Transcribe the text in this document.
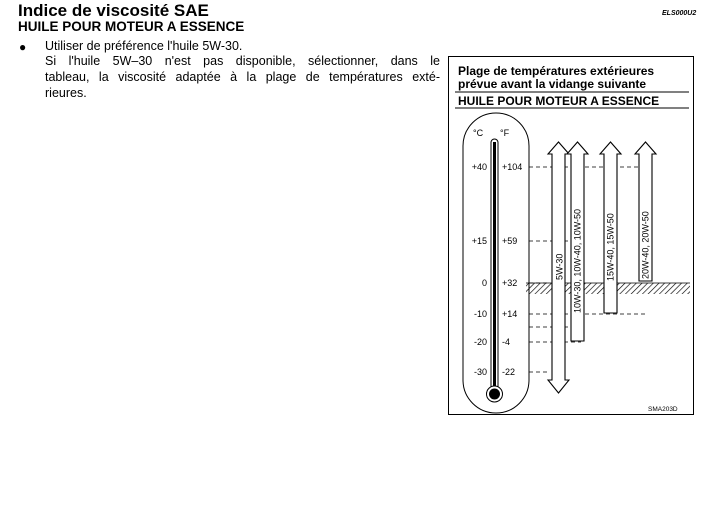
Indice de viscosité SAE
HUILE POUR MOTEUR A ESSENCE
ELS000U2
● Utiliser de préférence l'huile 5W-30.
Si l'huile 5W–30 n'est pas disponible, sélectionner, dans le
tableau, la viscosité adaptée à la plage de températures exté-
rieures.
Plage de températures extérieures
prévue avant la vidange suivante
HUILE POUR MOTEUR A ESSENCE
°C °F
+40
+15
0
-10
-20
-30
+104
+59
+32
+14
-4
-22
5W-30 10W-30, 10W-40, 10W-50	15W-40, 15W-50	20W-40, 20W-50
SMA203D
